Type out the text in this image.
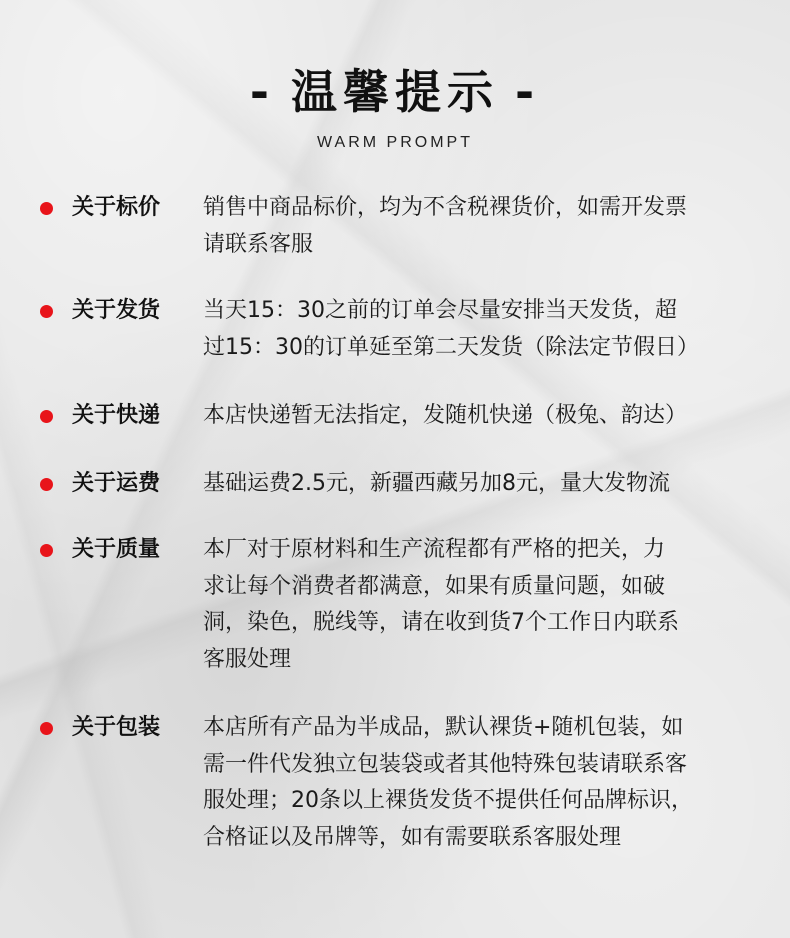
- 温馨提示 -
WARM PROMPT
关于标价 销售中商品标价，均为不含税裸货价，如需开发票
请联系客服
关于发货 当天15：30之前的订单会尽量安排当天发货，超
过15：30的订单延至第二天发货（除法定节假日）
关于快递 本店快递暂无法指定，发随机快递（极兔、韵达）
关于运费 基础运费2.5元，新疆西藏另加8元，量大发物流
关于质量 本厂对于原材料和生产流程都有严格的把关，力
求让每个消费者都满意，如果有质量问题，如破
洞，染色，脱线等，请在收到货7个工作日内联系
客服处理
关于包装 本店所有产品为半成品，默认裸货+随机包装，如
需一件代发独立包装袋或者其他特殊包装请联系客
服处理；20条以上裸货发货不提供任何品牌标识，
合格证以及吊牌等，如有需要联系客服处理
